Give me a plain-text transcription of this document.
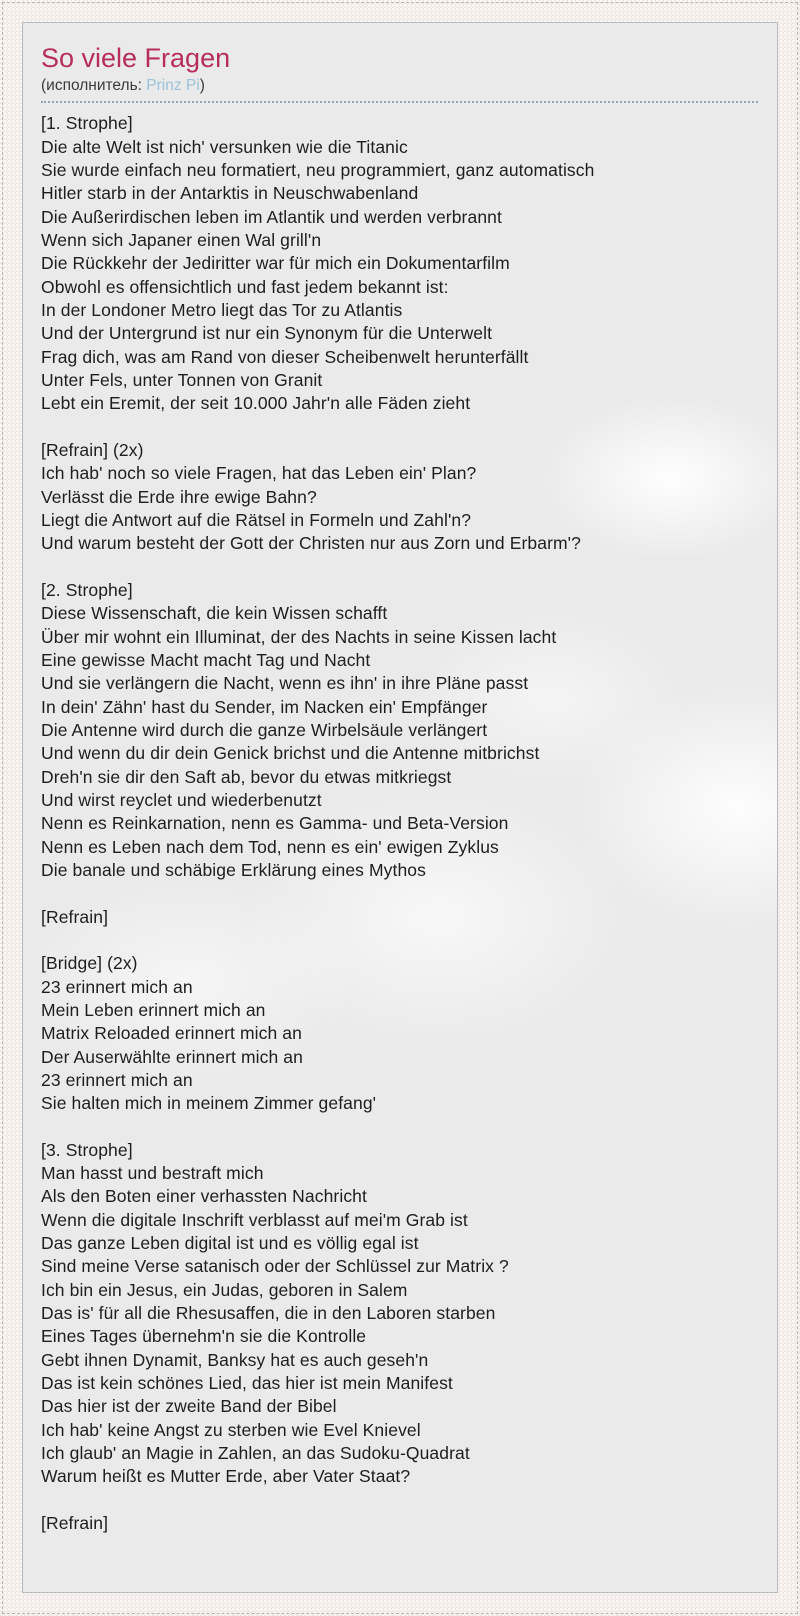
So viele Fragen
(исполнитель: Prinz Pi)
[1. Strophe]
Die alte Welt ist nich' versunken wie die Titanic
Sie wurde einfach neu formatiert, neu programmiert, ganz automatisch
Hitler starb in der Antarktis in Neuschwabenland
Die Außerirdischen leben im Atlantik und werden verbrannt
Wenn sich Japaner einen Wal grill'n
Die Rückkehr der Jediritter war für mich ein Dokumentarfilm
Obwohl es offensichtlich und fast jedem bekannt ist:
In der Londoner Metro liegt das Tor zu Atlantis
Und der Untergrund ist nur ein Synonym für die Unterwelt
Frag dich, was am Rand von dieser Scheibenwelt herunterfällt
Unter Fels, unter Tonnen von Granit
Lebt ein Eremit, der seit 10.000 Jahr'n alle Fäden zieht
[Refrain] (2x)
Ich hab' noch so viele Fragen, hat das Leben ein' Plan?
Verlässt die Erde ihre ewige Bahn?
Liegt die Antwort auf die Rätsel in Formeln und Zahl'n?
Und warum besteht der Gott der Christen nur aus Zorn und Erbarm'?
[2. Strophe]
Diese Wissenschaft, die kein Wissen schafft
Über mir wohnt ein Illuminat, der des Nachts in seine Kissen lacht
Eine gewisse Macht macht Tag und Nacht
Und sie verlängern die Nacht, wenn es ihn' in ihre Pläne passt
In dein' Zähn' hast du Sender, im Nacken ein' Empfänger
Die Antenne wird durch die ganze Wirbelsäule verlängert
Und wenn du dir dein Genick brichst und die Antenne mitbrichst
Dreh'n sie dir den Saft ab, bevor du etwas mitkriegst
Und wirst reyclet und wiederbenutzt
Nenn es Reinkarnation, nenn es Gamma- und Beta-Version
Nenn es Leben nach dem Tod, nenn es ein' ewigen Zyklus
Die banale und schäbige Erklärung eines Mythos
[Refrain]
[Bridge] (2x)
23 erinnert mich an
Mein Leben erinnert mich an
Matrix Reloaded erinnert mich an
Der Auserwählte erinnert mich an
23 erinnert mich an
Sie halten mich in meinem Zimmer gefang'
[3. Strophe]
Man hasst und bestraft mich
Als den Boten einer verhassten Nachricht
Wenn die digitale Inschrift verblasst auf mei'm Grab ist
Das ganze Leben digital ist und es völlig egal ist
Sind meine Verse satanisch oder der Schlüssel zur Matrix ?
Ich bin ein Jesus, ein Judas, geboren in Salem
Das is' für all die Rhesusaffen, die in den Laboren starben
Eines Tages übernehm'n sie die Kontrolle
Gebt ihnen Dynamit, Banksy hat es auch geseh'n
Das ist kein schönes Lied, das hier ist mein Manifest
Das hier ist der zweite Band der Bibel
Ich hab' keine Angst zu sterben wie Evel Knievel
Ich glaub' an Magie in Zahlen, an das Sudoku-Quadrat
Warum heißt es Mutter Erde, aber Vater Staat?
[Refrain]
